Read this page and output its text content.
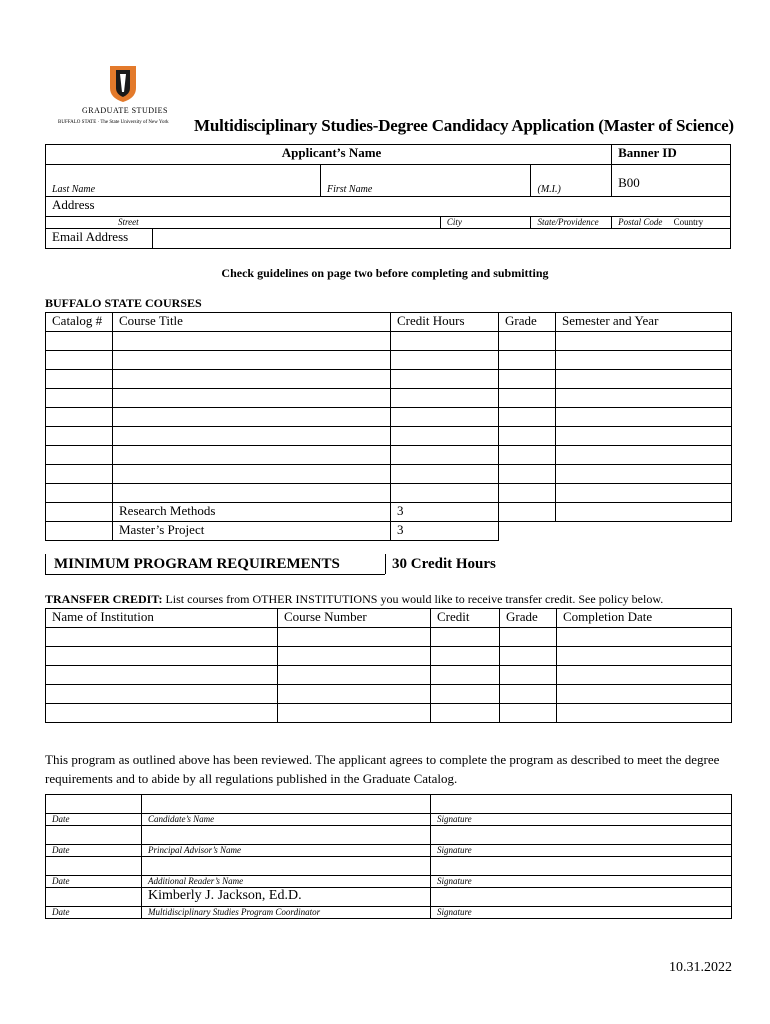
GRADUATE STUDIES
BUFFALO STATE · The State University of New York Multidisciplinary Studies-Degree Candidacy Application (Master of Science)
Applicant’s Name				Banner ID
Last Name	First Name		(M.I.)	B00
Address				
Street		City	State/Providence	Postal Code Country
Email Address				
Check guidelines on page two before completing and submitting
BUFFALO STATE COURSES
Catalog #	Course Title	Credit Hours	Grade	Semester and Year

	Research Methods	3		
	Master’s Project	3		
MINIMUM PROGRAM REQUIREMENTS	30 Credit Hours
TRANSFER CREDIT: List courses from OTHER INSTITUTIONS you would like to receive transfer credit. See policy below.
Name of Institution	Course Number	Credit	Grade	Completion Date

This program as outlined above has been reviewed. The applicant agrees to complete the program as described to meet the degree requirements and to abide by all regulations published in the Graduate Catalog.

Date	Candidate’s Name	Signature

Date	Principal Advisor’s Name	Signature

Date	Additional Reader’s Name	Signature
	Kimberly J. Jackson, Ed.D.	
Date	Multidisciplinary Studies Program Coordinator	Signature
10.31.2022
